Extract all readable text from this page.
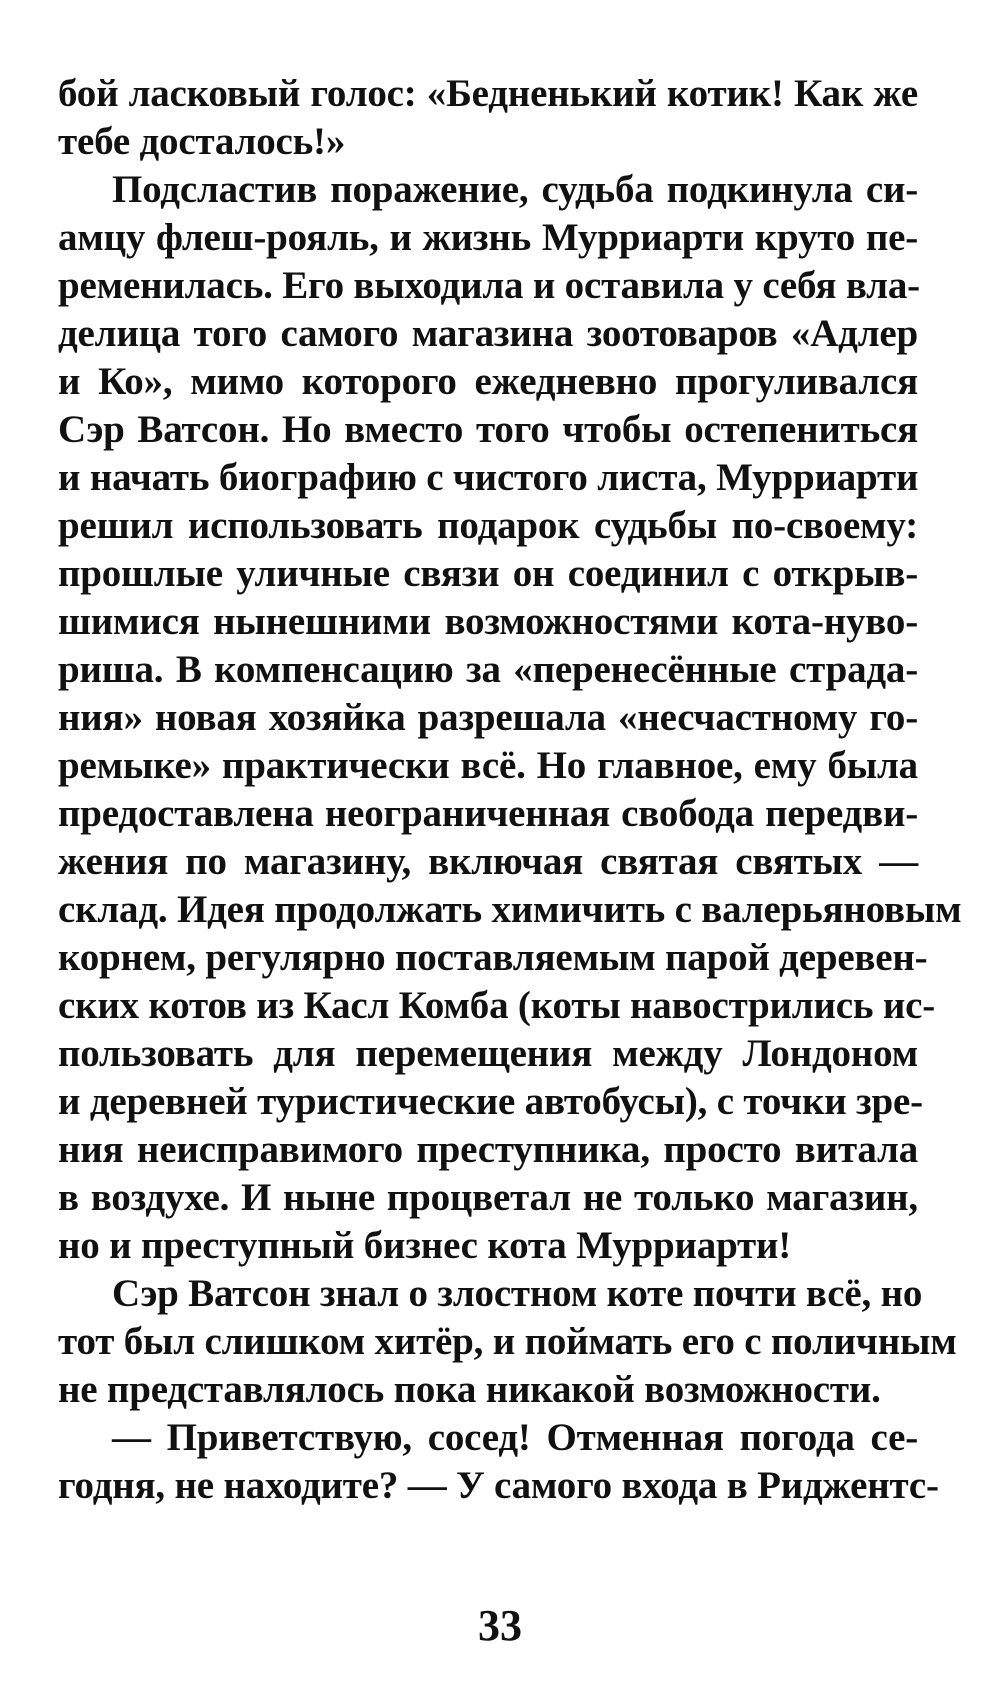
бой ласковый голос: «Бедненький котик! Как же
тебе досталось!»
Подсластив поражение, судьба подкинула си-
амцу флеш-рояль, и жизнь Мурриарти круто пе-
ременилась. Его выходила и оставила у себя вла-
делица того самого магазина зоотоваров «Адлер
и Ко», мимо которого ежедневно прогуливался
Сэр Ватсон. Но вместо того чтобы остепениться
и начать биографию с чистого листа, Мурриарти
решил использовать подарок судьбы по-своему:
прошлые уличные связи он соединил с открыв-
шимися нынешними возможностями кота-нуво-
риша. В компенсацию за «перенесённые страда-
ния» новая хозяйка разрешала «несчастному го-
ремыке» практически всё. Но главное, ему была
предоставлена неограниченная свобода передви-
жения по магазину, включая святая святых —
склад. Идея продолжать химичить с валерьяновым
корнем, регулярно поставляемым парой деревен-
ских котов из Касл Комба (коты навострились ис-
пользовать для перемещения между Лондоном
и деревней туристические автобусы), с точки зре-
ния неисправимого преступника, просто витала
в воздухе. И ныне процветал не только магазин,
но и преступный бизнес кота Мурриарти!
Сэр Ватсон знал о злостном коте почти всё, но
тот был слишком хитёр, и поймать его с поличным
не представлялось пока никакой возможности.
— Приветствую, сосед! Отменная погода се-
годня, не находите? — У самого входа в Риджентс-
33
